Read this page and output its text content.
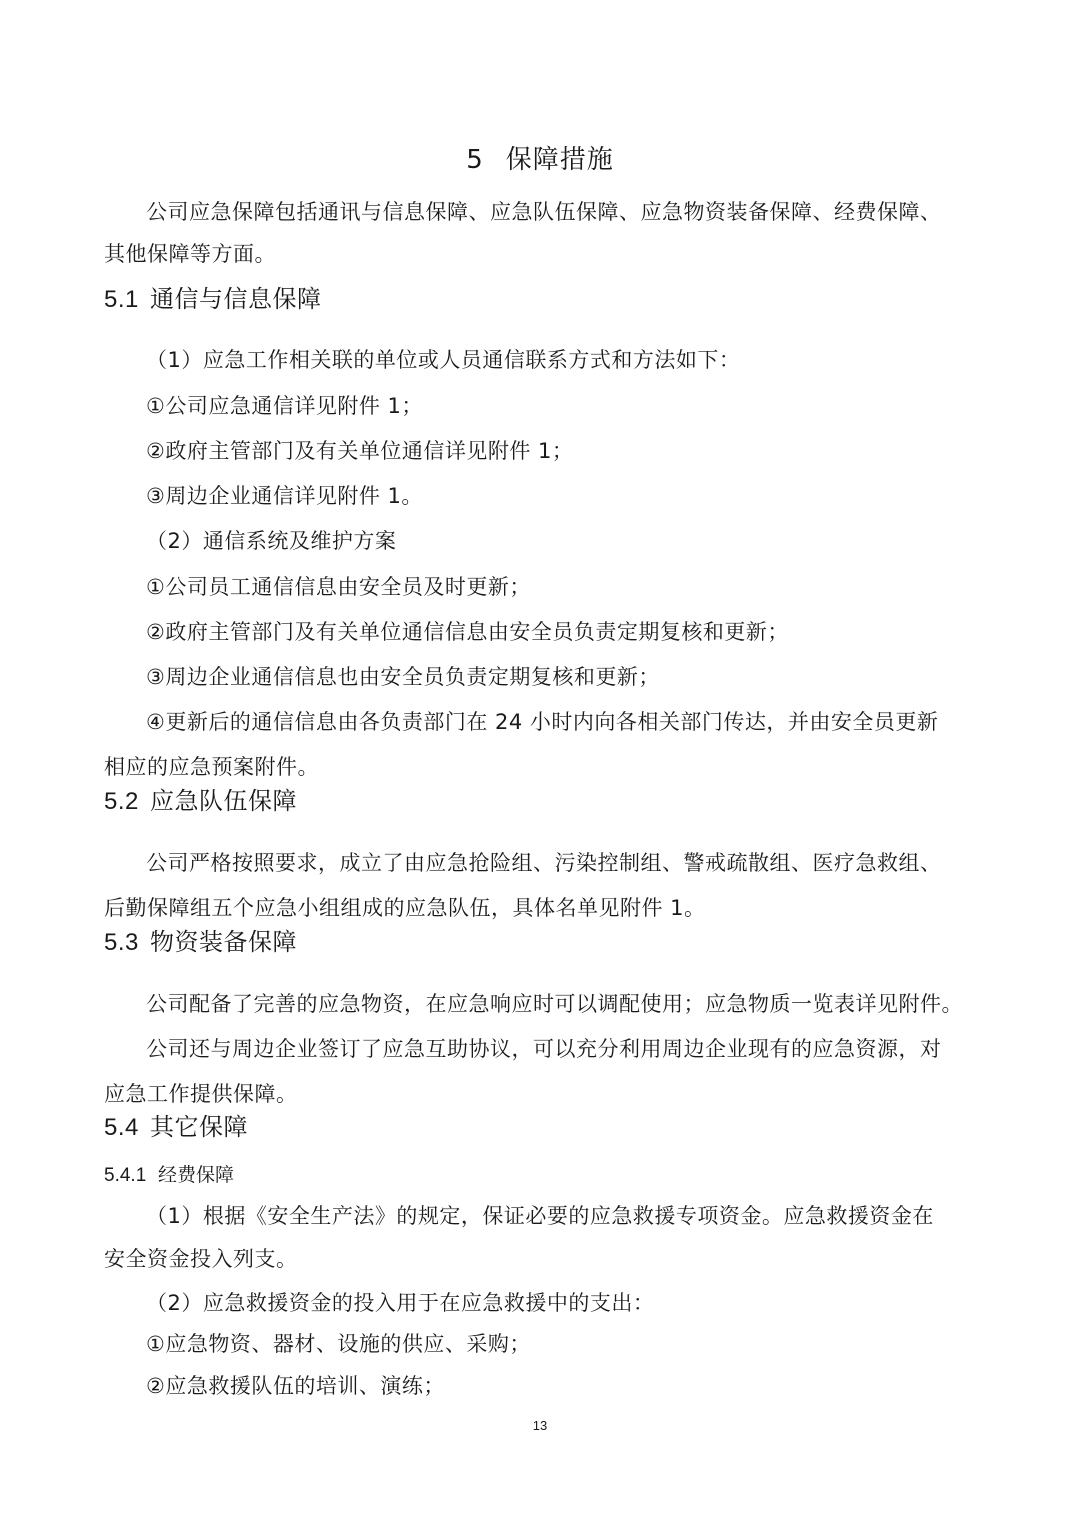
5 保障措施
公司应急保障包括通讯与信息保障、应急队伍保障、应急物资装备保障、经费保障、
其他保障等方面。
5.1 通信与信息保障
（1）应急工作相关联的单位或人员通信联系方式和方法如下：
①公司应急通信详见附件 1；
②政府主管部门及有关单位通信详见附件 1；
③周边企业通信详见附件 1。
（2）通信系统及维护方案
①公司员工通信信息由安全员及时更新；
②政府主管部门及有关单位通信信息由安全员负责定期复核和更新；
③周边企业通信信息也由安全员负责定期复核和更新；
④更新后的通信信息由各负责部门在 24 小时内向各相关部门传达，并由安全员更新
相应的应急预案附件。
5.2 应急队伍保障
公司严格按照要求，成立了由应急抢险组、污染控制组、警戒疏散组、医疗急救组、
后勤保障组五个应急小组组成的应急队伍，具体名单见附件 1。
5.3 物资装备保障
公司配备了完善的应急物资，在应急响应时可以调配使用；应急物质一览表详见附件。
公司还与周边企业签订了应急互助协议，可以充分利用周边企业现有的应急资源，对
应急工作提供保障。
5.4 其它保障
5.4.1 经费保障
（1）根据《安全生产法》的规定，保证必要的应急救援专项资金。应急救援资金在
安全资金投入列支。
（2）应急救援资金的投入用于在应急救援中的支出：
①应急物资、器材、设施的供应、采购；
②应急救援队伍的培训、演练；
13
